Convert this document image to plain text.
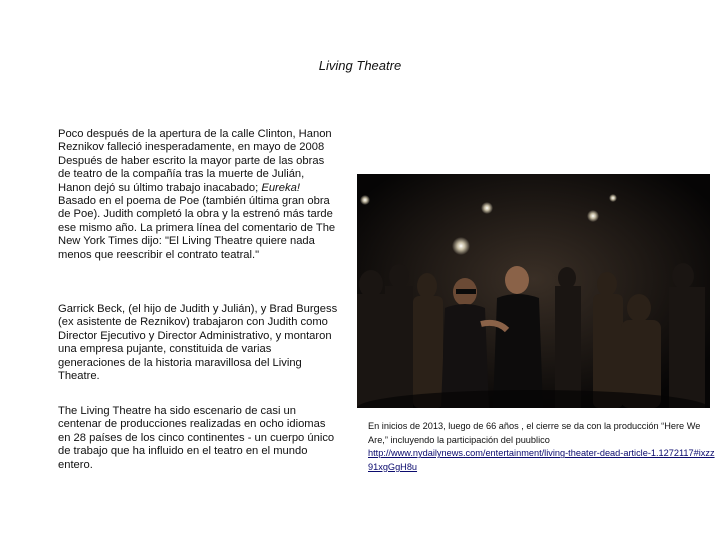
Living Theatre
Poco después de la apertura de la calle Clinton, Hanon Reznikov falleció inesperadamente, en mayo de 2008 Después de haber escrito la mayor parte de las obras de teatro de la compañía tras la muerte de Julián, Hanon dejó su último trabajo inacabado; Eureka! Basado en el poema de Poe (también última gran obra de Poe). Judith completó la obra y la estrenó más tarde ese mismo año. La primera línea del comentario de The New York Times dijo: "El Living Theatre quiere nada menos que reescribir el contrato teatral."
Garrick Beck, (el hijo de Judith y Julián), y Brad Burgess (ex asistente de Reznikov) trabajaron con Judith como Director Ejecutivo y Director Administrativo, y montaron una empresa pujante, constituida de varias generaciones de la historia maravillosa del Living Theatre.
The Living Theatre ha sido escenario de casi un centenar de producciones realizadas en ocho idiomas en 28 países de los cinco continentes - un cuerpo único de trabajo que ha influido en el teatro en el mundo entero.
En inicios de 2013, luego de 66 años , el cierre se da con la producción “Here We Are,” incluyendo la participación del puublico
http://www.nydailynews.com/entertainment/living-theater-dead-article-1.1272117#ixzz91xgGgH8u
